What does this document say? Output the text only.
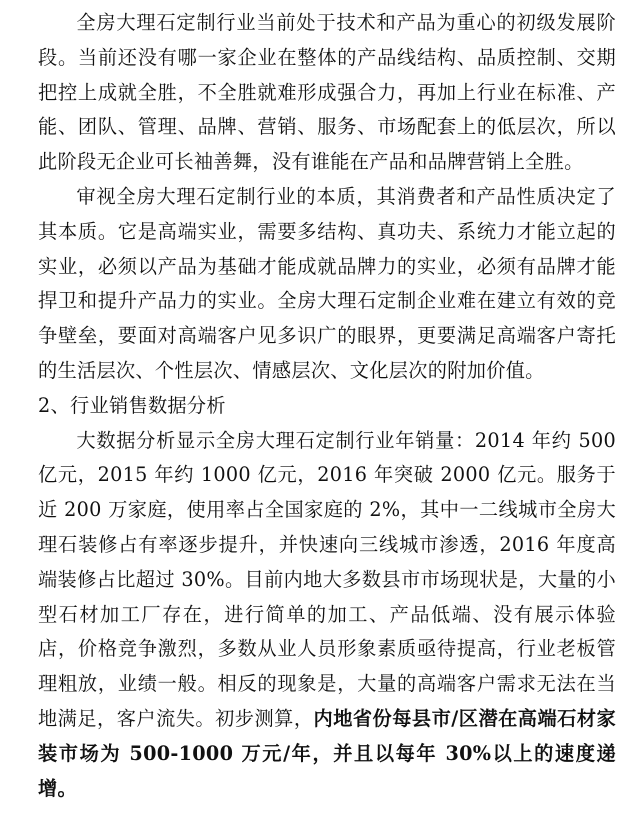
全房大理石定制行业当前处于技术和产品为重心的初级发展阶段。当前还没有哪一家企业在整体的产品线结构、品质控制、交期把控上成就全胜，不全胜就难形成强合力，再加上行业在标准、产能、团队、管理、品牌、营销、服务、市场配套上的低层次，所以此阶段无企业可长袖善舞，没有谁能在产品和品牌营销上全胜。

审视全房大理石定制行业的本质，其消费者和产品性质决定了其本质。它是高端实业，需要多结构、真功夫、系统力才能立起的实业，必须以产品为基础才能成就品牌力的实业，必须有品牌才能捍卫和提升产品力的实业。全房大理石定制企业难在建立有效的竞争壁垒，要面对高端客户见多识广的眼界，更要满足高端客户寄托的生活层次、个性层次、情感层次、文化层次的附加价值。

2、行业销售数据分析

大数据分析显示全房大理石定制行业年销量：2014 年约 500 亿元，2015 年约 1000 亿元，2016 年突破 2000 亿元。服务于近 200 万家庭，使用率占全国家庭的 2%，其中一二线城市全房大理石装修占有率逐步提升，并快速向三线城市渗透，2016 年度高端装修占比超过 30%。目前内地大多数县市市场现状是，大量的小型石材加工厂存在，进行简单的加工、产品低端、没有展示体验店，价格竞争激烈，多数从业人员形象素质亟待提高，行业老板管理粗放，业绩一般。相反的现象是，大量的高端客户需求无法在当地满足，客户流失。初步测算，内地省份每县市/区潜在高端石材家装市场为 500-1000 万元/年，并且以每年 30%以上的速度递增。
